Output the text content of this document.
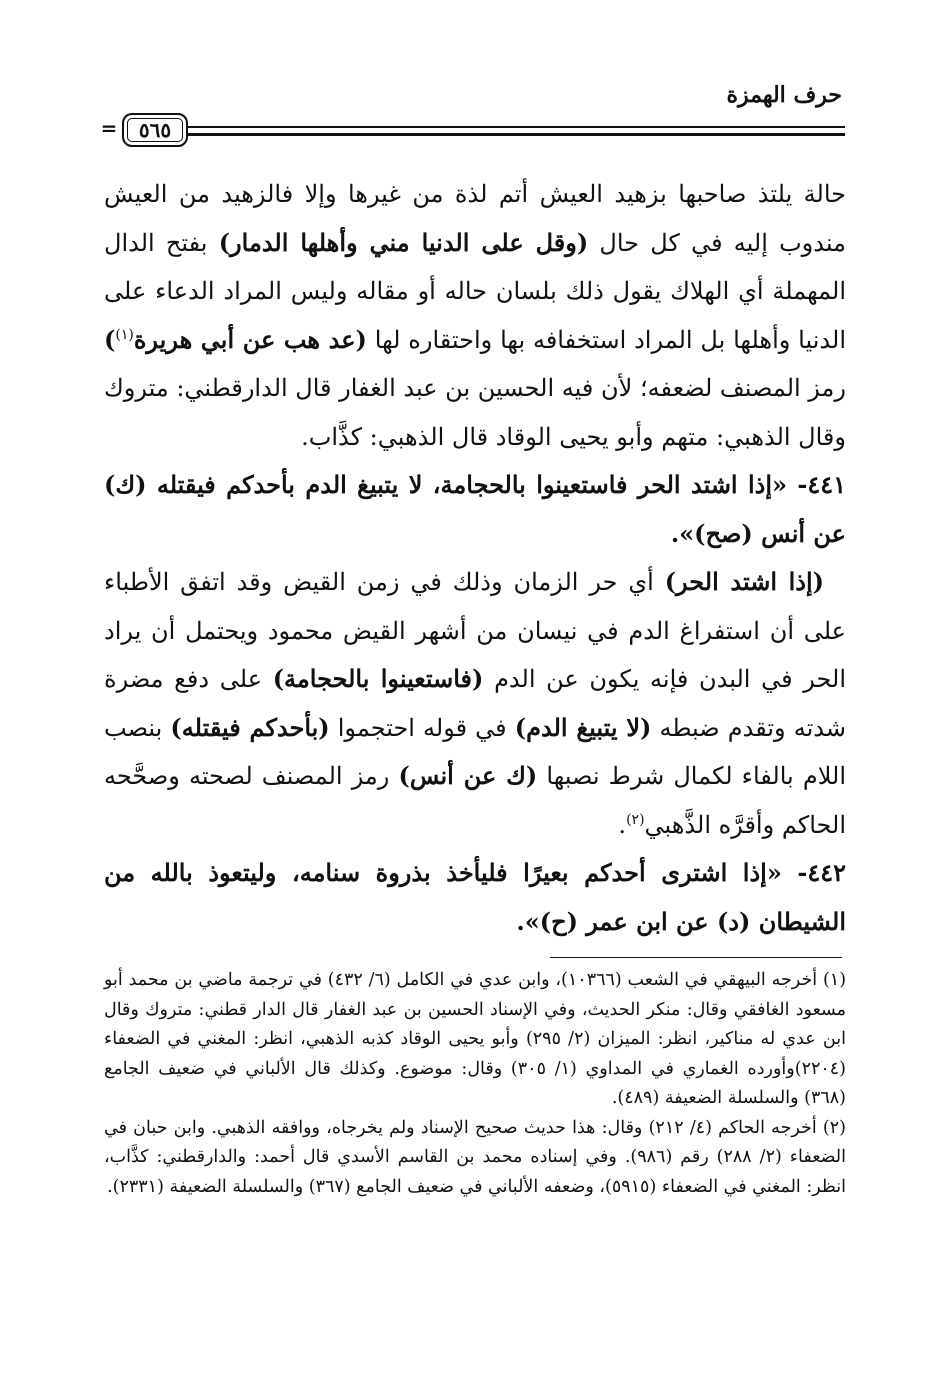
حرف الهمزة
=	٥٦٥

حالة يلتذ صاحبها بزهيد العيش أتم لذة من غيرها وإلا فالزهيد من العيش مندوب إليه في كل حال (وقل على الدنيا مني وأهلها الدمار) بفتح الدال المهملة أي الهلاك يقول ذلك بلسان حاله أو مقاله وليس المراد الدعاء على الدنيا وأهلها بل المراد استخفافه بها واحتقاره لها (عد هب عن أبي هريرة$^{(١)}$) رمز المصنف لضعفه؛ لأن فيه الحسين بن عبد الغفار قال الدارقطني: متروك وقال الذهبي: متهم وأبو يحيى الوقاد قال الذهبي: كذَّاب.

٤٤١- «إذا اشتد الحر فاستعينوا بالحجامة، لا يتبيغ الدم بأحدكم فيقتله (ك) عن أنس (صح)».

(إذا اشتد الحر) أي حر الزمان وذلك في زمن القيض وقد اتفق الأطباء على أن استفراغ الدم في نيسان من أشهر القيض محمود ويحتمل أن يراد الحر في البدن فإنه يكون عن الدم (فاستعينوا بالحجامة) على دفع مضرة شدته وتقدم ضبطه (لا يتبيغ الدم) في قوله احتجموا (بأحدكم فيقتله) بنصب اللام بالفاء لكمال شرط نصبها (ك عن أنس) رمز المصنف لصحته وصحَّحه الحاكم وأقرَّه الذَّهبي$^{(٢)}$.

٤٤٢- «إذا اشترى أحدكم بعيرًا فليأخذ بذروة سنامه، وليتعوذ بالله من الشيطان (د) عن ابن عمر (ح)».

(١) أخرجه البيهقي في الشعب (١٠٣٦٦)، وابن عدي في الكامل (٦/ ٤٣٢) في ترجمة ماضي بن محمد أبو مسعود الغافقي وقال: منكر الحديث، وفي الإسناد الحسين بن عبد الغفار قال الدار قطني: متروك وقال ابن عدي له مناكير، انظر: الميزان (٢/ ٢٩٥) وأبو يحيى الوقاد كذبه الذهبي، انظر: المغني في الضعفاء (٢٢٠٤)وأورده الغماري في المداوي (١/ ٣٠٥) وقال: موضوع. وكذلك قال الألباني في ضعيف الجامع (٣٦٨) والسلسلة الضعيفة (٤٨٩).

(٢) أخرجه الحاكم (٤/ ٢١٢) وقال: هذا حديث صحيح الإسناد ولم يخرجاه، ووافقه الذهبي. وابن حبان في الضعفاء (٢/ ٢٨٨) رقم (٩٨٦). وفي إسناده محمد بن القاسم الأسدي قال أحمد: والدارقطني: كذَّاب، انظر: المغني في الضعفاء (٥٩١٥)، وضعفه الألباني في ضعيف الجامع (٣٦٧) والسلسلة الضعيفة (٢٣٣١).
